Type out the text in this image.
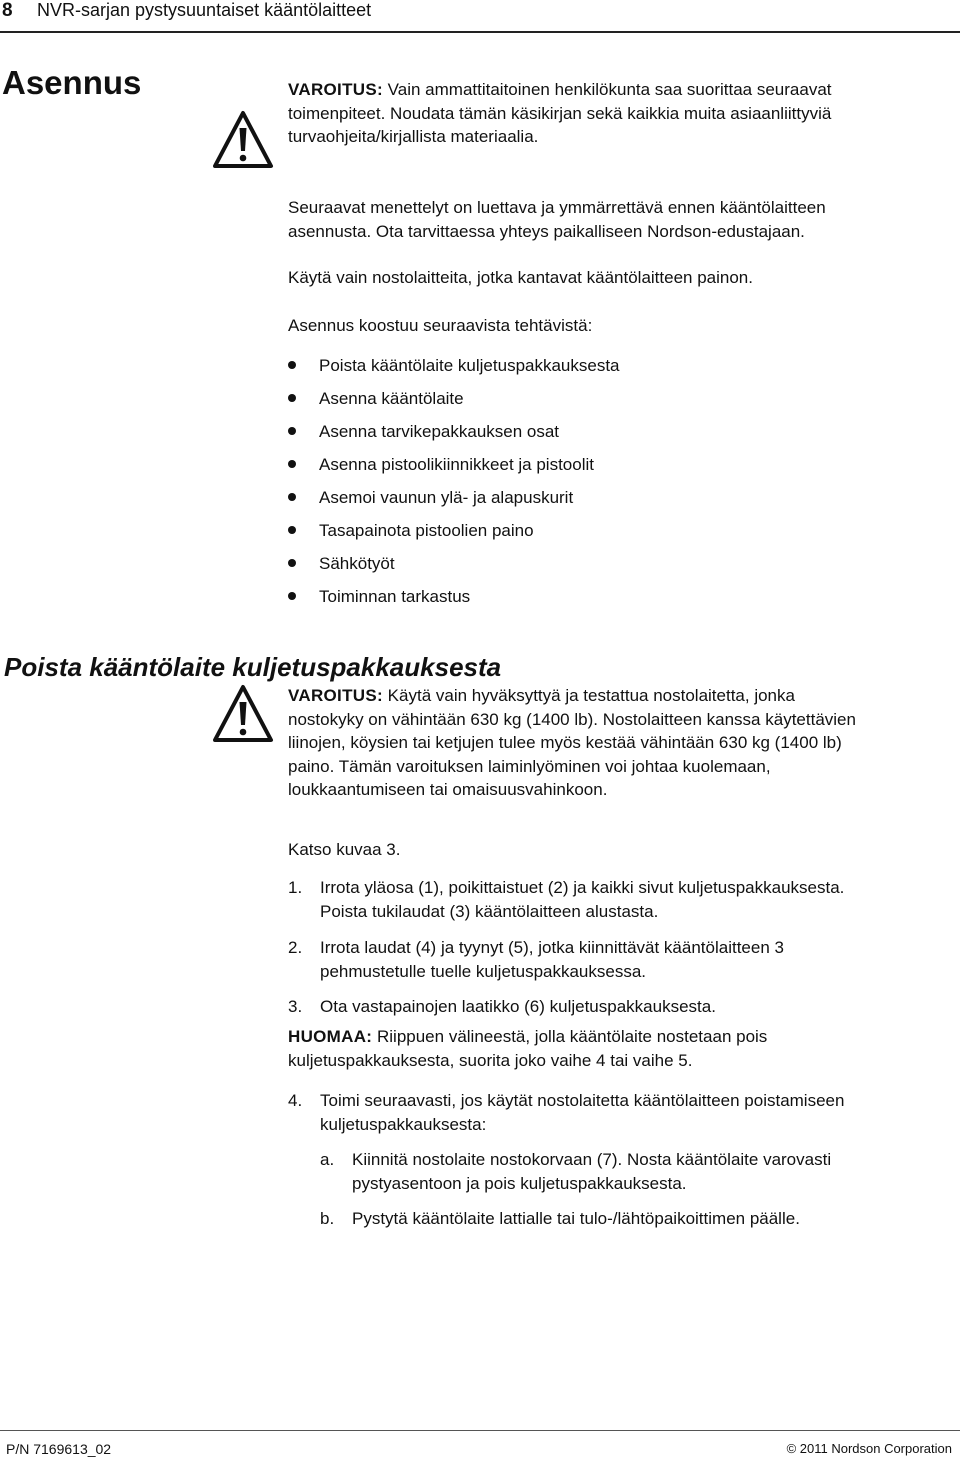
8 NVR-sarjan pystysuuntaiset kääntölaitteet
Asennus	VAROITUS: Vain ammattitaitoinen henkilökunta saa suorittaa seuraavat
toimenpiteet. Noudata tämän käsikirjan sekä kaikkia muita asiaanliittyviä
turvaohjeita/kirjallista materiaalia.
Seuraavat menettelyt on luettava ja ymmärrettävä ennen kääntölaitteen
asennusta. Ota tarvittaessa yhteys paikalliseen Nordson-edustajaan.
Käytä vain nostolaitteita, jotka kantavat kääntölaitteen painon.
Asennus koostuu seuraavista tehtävistä:
Poista kääntölaite kuljetuspakkauksesta
Asenna kääntölaite
Asenna tarvikepakkauksen osat
Asenna pistoolikiinnikkeet ja pistoolit
Asemoi vaunun ylä- ja alapuskurit
Tasapainota pistoolien paino
Sähkötyöt
Toiminnan tarkastus
Poista kääntölaite kuljetuspakkauksesta
VAROITUS: Käytä vain hyväksyttyä ja testattua nostolaitetta, jonka
nostokyky on vähintään 630 kg (1400 lb). Nostolaitteen kanssa käytettävien
liinojen, köysien tai ketjujen tulee myös kestää vähintään 630 kg (1400 lb)
paino. Tämän varoituksen laiminlyöminen voi johtaa kuolemaan,
loukkaantumiseen tai omaisuusvahinkoon.
Katso kuvaa 3.
1. Irrota yläosa (1), poikittaistuet (2) ja kaikki sivut kuljetuspakkauksesta.
Poista tukilaudat (3) kääntölaitteen alustasta.
2. Irrota laudat (4) ja tyynyt (5), jotka kiinnittävät kääntölaitteen 3
pehmustetulle tuelle kuljetuspakkauksessa.
3. Ota vastapainojen laatikko (6) kuljetuspakkauksesta.
HUOMAA: Riippuen välineestä, jolla kääntölaite nostetaan pois
kuljetuspakkauksesta, suorita joko vaihe 4 tai vaihe 5.
4. Toimi seuraavasti, jos käytät nostolaitetta kääntölaitteen poistamiseen
kuljetuspakkauksesta:
a. Kiinnitä nostolaite nostokorvaan (7). Nosta kääntölaite varovasti
pystyasentoon ja pois kuljetuspakkauksesta.
b. Pystytä kääntölaite lattialle tai tulo-/lähtöpaikoittimen päälle.
P/N 7169613_02	© 2011 Nordson Corporation
